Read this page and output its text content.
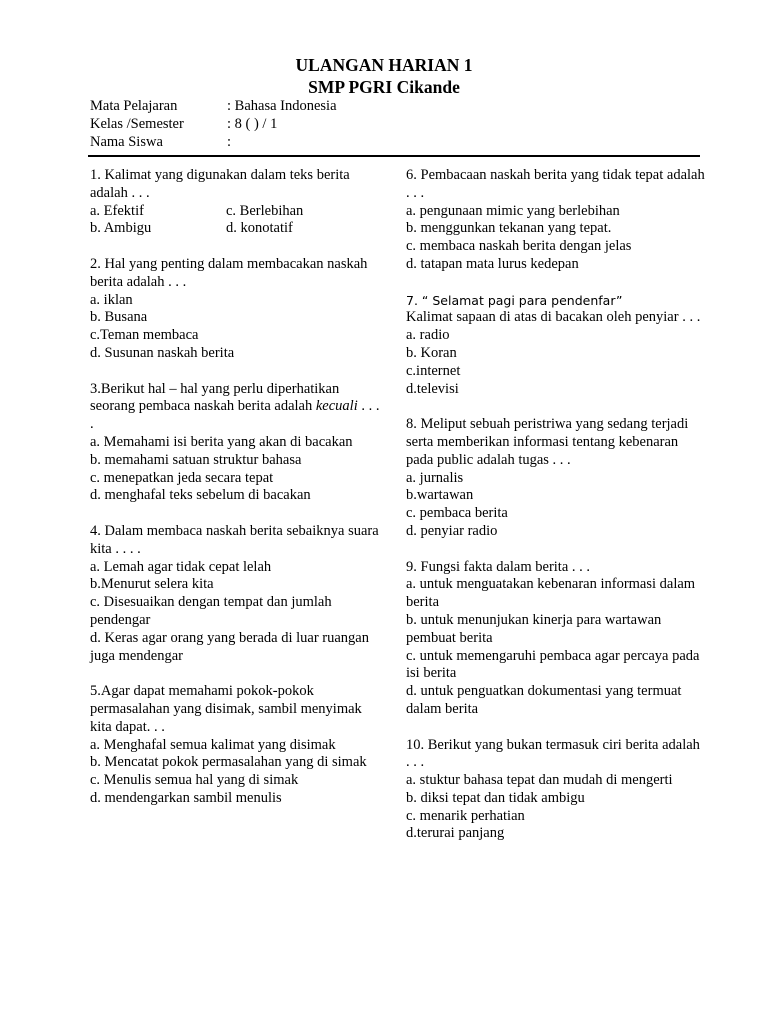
ULANGAN HARIAN 1
SMP PGRI Cikande
Mata Pelajaran	: Bahasa Indonesia
Kelas /Semester	: 8 ( ) / 1
Nama Siswa	:
1. Kalimat yang digunakan dalam teks berita adalah . . .
a. Efektif	c. Berlebihan
b. Ambigu	d. konotatif
2. Hal yang penting dalam membacakan naskah berita adalah . . .
a. iklan
b. Busana
c.Teman membaca
d. Susunan naskah berita
3.Berikut hal – hal yang perlu diperhatikan seorang pembaca naskah berita adalah kecuali . . . .
a. Memahami isi berita yang akan di bacakan
b. memahami satuan struktur bahasa
c. menepatkan jeda secara tepat
d. menghafal teks sebelum di bacakan
4. Dalam membaca naskah berita sebaiknya suara kita . . . .
a. Lemah agar tidak cepat lelah
b.Menurut selera kita
c. Disesuaikan dengan tempat dan jumlah pendengar
d. Keras agar orang yang berada di luar ruangan juga mendengar
5.Agar dapat memahami pokok-pokok permasalahan yang disimak, sambil menyimak kita dapat. . .
a. Menghafal semua kalimat yang disimak
b. Mencatat pokok permasalahan yang di simak
c. Menulis semua hal yang di simak
d. mendengarkan sambil menulis
6. Pembacaan naskah berita yang tidak tepat adalah . . .
a. pengunaan mimic yang berlebihan
b. menggunkan tekanan yang tepat.
c. membaca naskah berita dengan jelas
d. tatapan mata lurus kedepan
7. “ Selamat pagi para pendenfar”
Kalimat sapaan di atas di bacakan oleh penyiar . . .
a. radio
b. Koran
c.internet
d.televisi
8. Meliput sebuah peristriwa yang sedang terjadi serta memberikan informasi tentang kebenaran pada public adalah tugas . . .
a. jurnalis
b.wartawan
c. pembaca berita
d. penyiar radio
9. Fungsi fakta dalam berita . . .
a. untuk menguatakan kebenaran informasi dalam berita
b. untuk menunjukan kinerja para wartawan pembuat berita
c. untuk memengaruhi pembaca agar percaya pada isi berita
d. untuk penguatkan dokumentasi yang termuat dalam berita
10. Berikut yang bukan termasuk ciri berita adalah . . .
a. stuktur bahasa tepat dan mudah di mengerti
b. diksi tepat dan tidak ambigu
c. menarik perhatian
d.terurai panjang
